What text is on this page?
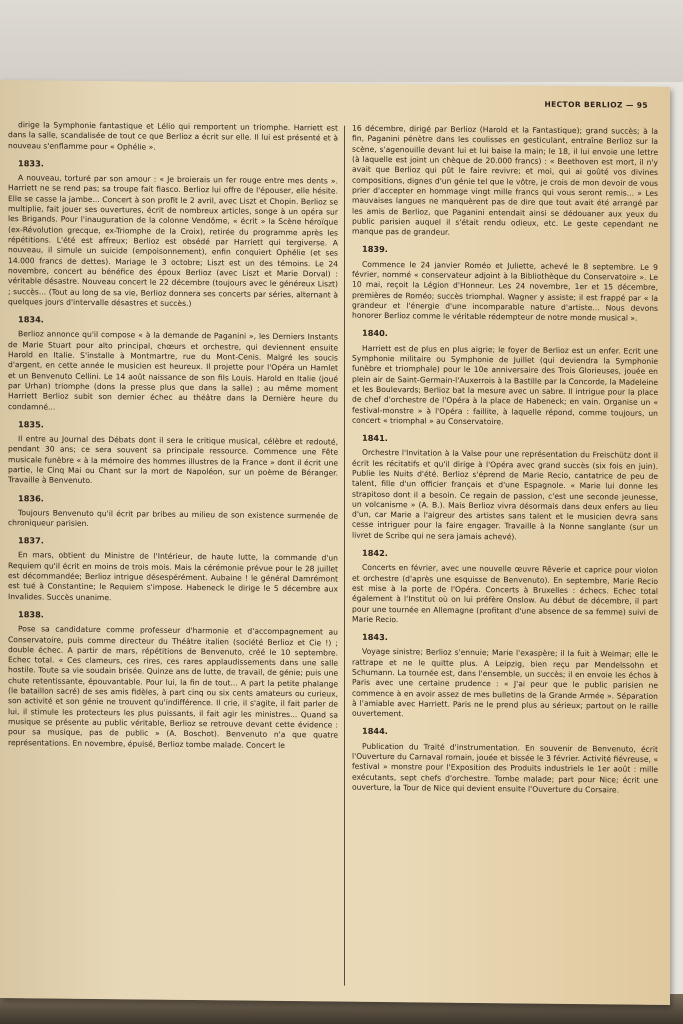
HECTOR BERLIOZ — 95

dirige la Symphonie fantastique et Lélio qui remportent un triomphe. Harriett est dans la salle, scandalisée de tout ce que Berlioz a écrit sur elle. Il lui est présenté et à nouveau s'enflamme pour « Ophélie ».

1833.

A nouveau, torturé par son amour : « Je broierais un fer rouge entre mes dents ». Harriett ne se rend pas; sa troupe fait fiasco. Berlioz lui offre de l'épouser, elle hésite. Elle se casse la jambe... Concert à son profit le 2 avril, avec Liszt et Chopin. Berlioz se multiplie, fait jouer ses ouvertures, écrit de nombreux articles, songe à un opéra sur les Brigands. Pour l'inauguration de la colonne Vendôme, « écrit » la Scène héroïque (ex-Révolution grecque, ex-Triomphe de la Croix), retirée du programme après les répétitions. L'été est affreux; Berlioz est obsédé par Harriett qui tergiverse. A nouveau, il simule un suicide (empoisonnement), enfin conquiert Ophélie (et ses 14.000 francs de dettes). Mariage le 3 octobre; Liszt est un des témoins. Le 24 novembre, concert au bénéfice des époux Berlioz (avec Liszt et Marie Dorval) : véritable désastre. Nouveau concert le 22 décembre (toujours avec le généreux Liszt) ; succès... (Tout au long de sa vie, Berlioz donnera ses concerts par séries, alternant à quelques jours d'intervalle désastres et succès.)

1834.

Berlioz annonce qu'il compose « à la demande de Paganini », les Derniers Instants de Marie Stuart pour alto principal, chœurs et orchestre, qui deviennent ensuite Harold en Italie. S'installe à Montmartre, rue du Mont-Cenis. Malgré les soucis d'argent, en cette année le musicien est heureux. Il projette pour l'Opéra un Hamlet et un Benvenuto Cellini. Le 14 août naissance de son fils Louis. Harold en Italie (joué par Urhan) triomphe (dons la presse plus que dans la salle) ; au même moment Harriett Berlioz subit son dernier échec au théâtre dans la Dernière heure du condamné...

1835.

Il entre au Journal des Débats dont il sera le critique musical, célèbre et redouté, pendant 30 ans; ce sera souvent sa principale ressource. Commence une Fête musicale funèbre « à la mémoire des hommes illustres de la France » dont il écrit une partie, le Cinq Mai ou Chant sur la mort de Napoléon, sur un poème de Béranger. Travaille à Benvenuto.

1836.

Toujours Benvenuto qu'il écrit par bribes au milieu de son existence surmenée de chroniqueur parisien.

1837.

En mars, obtient du Ministre de l'Intérieur, de haute lutte, la commande d'un Requiem qu'il écrit en moins de trois mois. Mais la cérémonie prévue pour le 28 juillet est décommandée; Berlioz intrigue désespérément. Aubaine ! le général Damrémont est tué à Constantine; le Requiem s'impose. Habeneck le dirige le 5 décembre aux Invalides. Succès unanime.

1838.

Pose sa candidature comme professeur d'harmonie et d'accompagnement au Conservatoire, puis comme directeur du Théâtre italien (société Berlioz et Cie !) ; double échec. A partir de mars, répétitions de Benvenuto, créé le 10 septembre. Echec total. « Ces clameurs, ces rires, ces rares applaudissements dans une salle hostile. Toute sa vie soudain brisée. Quinze ans de lutte, de travail, de génie; puis une chute retentissante, épouvantable. Pour lui, la fin de tout... A part la petite phalange (le bataillon sacré) de ses amis fidèles, à part cinq ou six cents amateurs ou curieux, son activité et son génie ne trouvent qu'indifférence. Il crie, il s'agite, il fait parler de lui, il stimule les protecteurs les plus puissants, il fait agir les ministres... Quand sa musique se présente au public véritable, Berlioz se retrouve devant cette évidence : pour sa musique, pas de public » (A. Boschot). Benvenuto n'a que quatre représentations. En novembre, épuisé, Berlioz tombe malade. Concert le

16 décembre, dirigé par Berlioz (Harold et la Fantastique); grand succès; à la fin, Paganini pénètre dans les coulisses en gesticulant, entraîne Berlioz sur la scène, s'agenouille devant lui et lui baise la main; le 18, il lui envoie une lettre (à laquelle est joint un chèque de 20.000 francs) : « Beethoven est mort, il n'y avait que Berlioz qui pût le faire revivre; et moi, qui ai goûté vos divines compositions, dignes d'un génie tel que le vôtre, je crois de mon devoir de vous prier d'accepter en hommage vingt mille francs qui vous seront remis... » Les mauvaises langues ne manquèrent pas de dire que tout avait été arrangé par les amis de Berlioz, que Paganini entendait ainsi se dédouaner aux yeux du public parisien auquel il s'était rendu odieux, etc. Le geste cependant ne manque pas de grandeur.

1839.

Commence le 24 janvier Roméo et Juliette, achevé le 8 septembre. Le 9 février, nommé « conservateur adjoint à la Bibliothèque du Conservatoire ». Le 10 mai, reçoit la Légion d'Honneur. Les 24 novembre, 1er et 15 décembre, premières de Roméo; succès triomphal. Wagner y assiste; il est frappé par « la grandeur et l'énergie d'une incomparable nature d'artiste... Nous devons honorer Berlioz comme le véritable rédempteur de notre monde musical ».

1840.

Harriett est de plus en plus aigrie; le foyer de Berlioz est un enfer. Ecrit une Symphonie militaire ou Symphonie de Juillet (qui deviendra la Symphonie funèbre et triomphale) pour le 10e anniversaire des Trois Glorieuses, jouée en plein air de Saint-Germain-l'Auxerrois à la Bastille par la Concorde, la Madeleine et les Boulevards; Berlioz bat la mesure avec un sabre. Il intrigue pour la place de chef d'orchestre de l'Opéra à la place de Habeneck; en vain. Organise un « festival-monstre » à l'Opéra : faillite, à laquelle répond, comme toujours, un concert « triomphal » au Conservatoire.

1841.

Orchestre l'Invitation à la Valse pour une représentation du Freischütz dont il écrit les récitatifs et qu'il dirige à l'Opéra avec grand succès (six fois en juin). Publie les Nuits d'été. Berlioz s'éprend de Marie Recio, cantatrice de peu de talent, fille d'un officier français et d'une Espagnole. « Marie lui donne les strapitoso dont il a besoin. Ce regain de passion, c'est une seconde jeunesse, un volcanisme » (A. B.). Mais Berlioz vivra désormais dans deux enfers au lieu d'un, car Marie a l'aigreur des artistes sans talent et le musicien devra sans cesse intriguer pour la faire engager. Travaille à la Nonne sanglante (sur un livret de Scribe qui ne sera jamais achevé).

1842.

Concerts en février, avec une nouvelle œuvre Rêverie et caprice pour violon et orchestre (d'après une esquisse de Benvenuto). En septembre, Marie Recio est mise à la porte de l'Opéra. Concerts à Bruxelles : échecs. Echec total également à l'Institut où on lui préfère Onslow. Au début de décembre, il part pour une tournée en Allemagne (profitant d'une absence de sa femme) suivi de Marie Recio.

1843.

Voyage sinistre; Berlioz s'ennuie; Marie l'exaspère; il la fuit à Weimar; elle le rattrape et ne le quitte plus. A Leipzig, bien reçu par Mendelssohn et Schumann. La tournée est, dans l'ensemble, un succès; il en envoie les échos à Paris avec une certaine prudence : « J'ai peur que le public parisien ne commence à en avoir assez de mes bulletins de la Grande Armée ». Séparation à l'amiable avec Harriett. Paris ne le prend plus au sérieux; partout on le raille ouvertement.

1844.

Publication du Traité d'instrumentation. En souvenir de Benvenuto, écrit l'Ouverture du Carnaval romain, jouée et bissée le 3 février. Activité fiévreuse, « festival » monstre pour l'Exposition des Produits industriels le 1er août : mille exécutants, sept chefs d'orchestre. Tombe malade; part pour Nice; écrit une ouverture, la Tour de Nice qui devient ensuite l'Ouverture du Corsaire.
